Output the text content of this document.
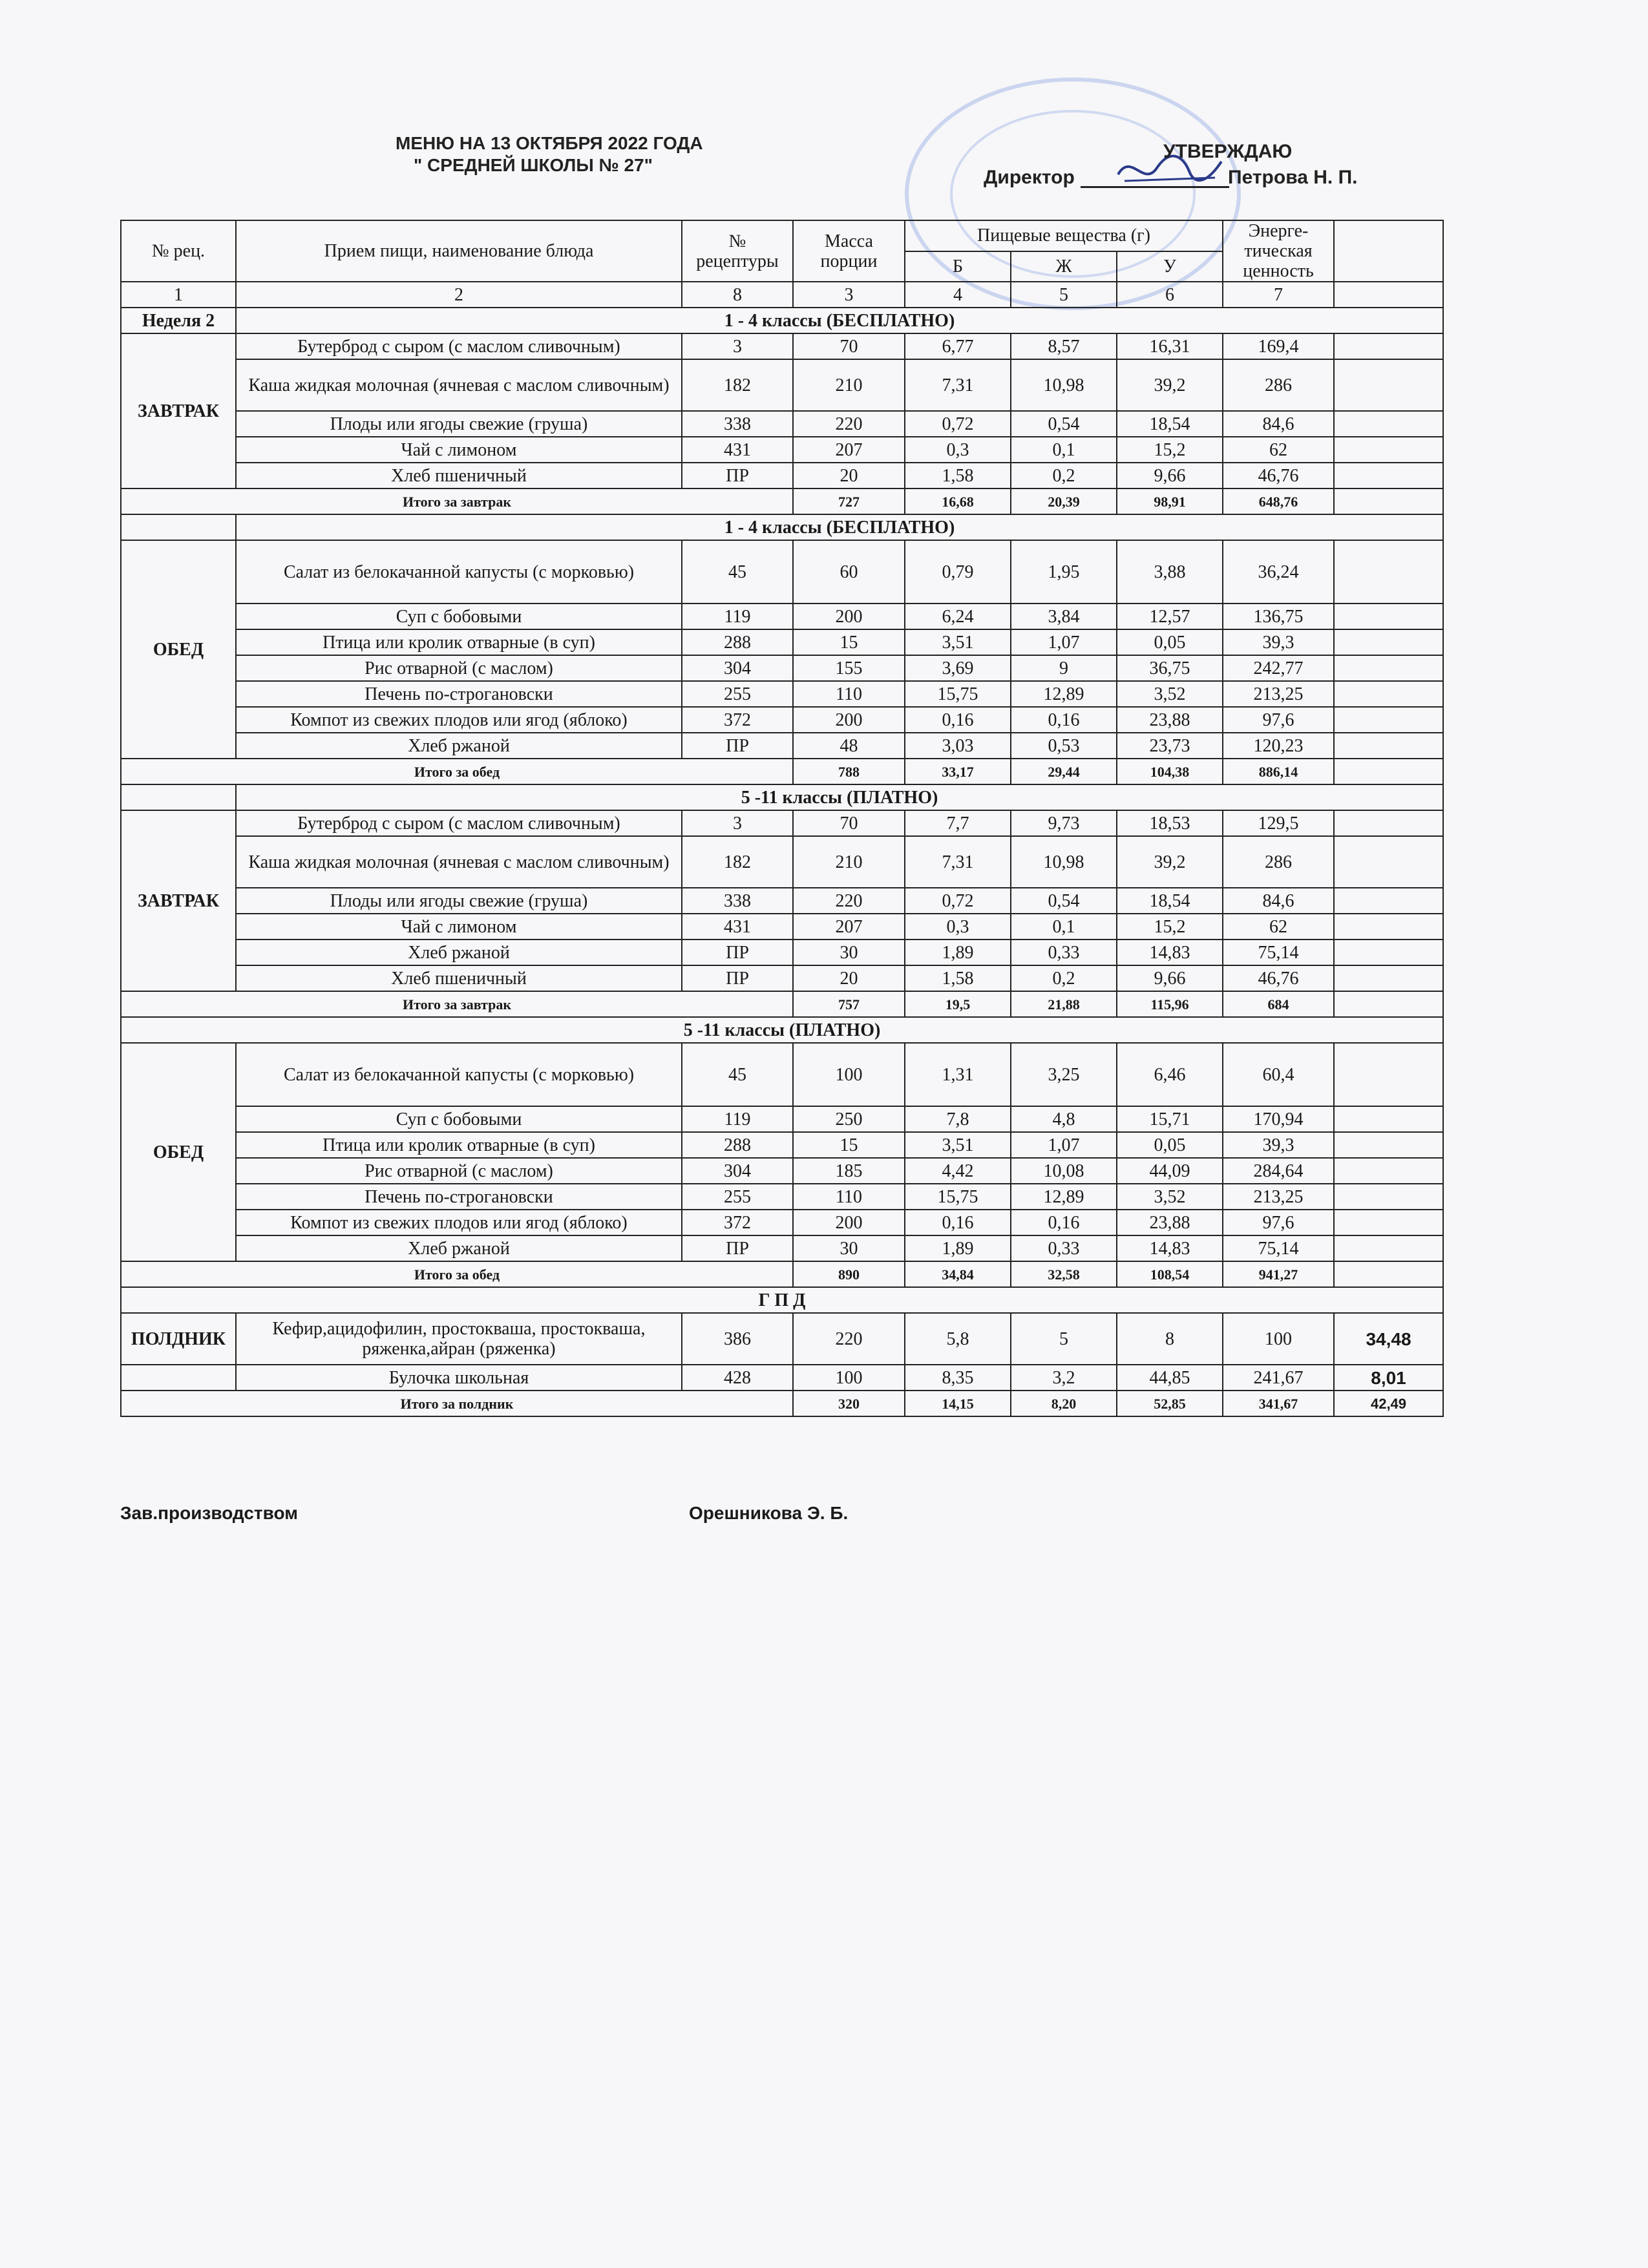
МЕНЮ НА 13 ОКТЯБРЯ 2022 ГОДА
" СРЕДНЕЙ ШКОЛЫ № 27"
УТВЕРЖДАЮ
Директор	Петрова Н. П.
№ рец.	Прием пищи, наименование блюда	№ рецептуры	Масса порции	Пищевые вещества (г)			Энерге-тическая ценность	
				Б	Ж	У		
1	2	8	3	4	5	6	7	
Неделя 2	1 - 4 классы (БЕСПЛАТНО)							
ЗАВТРАК	Бутерброд с сыром (с маслом сливочным)	3	70	6,77	8,57	16,31	169,4	
	Каша жидкая молочная (ячневая с маслом сливочным)	182	210	7,31	10,98	39,2	286	
	Плоды или ягоды свежие (груша)	338	220	0,72	0,54	18,54	84,6	
	Чай с лимоном	431	207	0,3	0,1	15,2	62	
	Хлеб пшеничный	ПР	20	1,58	0,2	9,66	46,76	
Итого за завтрак			727	16,68	20,39	98,91	648,76	
	1 - 4 классы (БЕСПЛАТНО)							
ОБЕД	Салат из белокачанной капусты (с морковью)	45	60	0,79	1,95	3,88	36,24	
	Суп с бобовыми	119	200	6,24	3,84	12,57	136,75	
	Птица или кролик отварные (в суп)	288	15	3,51	1,07	0,05	39,3	
	Рис отварной (с маслом)	304	155	3,69	9	36,75	242,77	
	Печень по-строгановски	255	110	15,75	12,89	3,52	213,25	
	Компот из свежих плодов или ягод (яблоко)	372	200	0,16	0,16	23,88	97,6	
	Хлеб ржаной	ПР	48	3,03	0,53	23,73	120,23	
Итого за обед			788	33,17	29,44	104,38	886,14	
	5 -11 классы (ПЛАТНО)							
ЗАВТРАК	Бутерброд с сыром (с маслом сливочным)	3	70	7,7	9,73	18,53	129,5	
	Каша жидкая молочная (ячневая с маслом сливочным)	182	210	7,31	10,98	39,2	286	
	Плоды или ягоды свежие (груша)	338	220	0,72	0,54	18,54	84,6	
	Чай с лимоном	431	207	0,3	0,1	15,2	62	
	Хлеб ржаной	ПР	30	1,89	0,33	14,83	75,14	
	Хлеб пшеничный	ПР	20	1,58	0,2	9,66	46,76	
Итого за завтрак			757	19,5	21,88	115,96	684	
5 -11 классы (ПЛАТНО)								
ОБЕД	Салат из белокачанной капусты (с морковью)	45	100	1,31	3,25	6,46	60,4	
	Суп с бобовыми	119	250	7,8	4,8	15,71	170,94	
	Птица или кролик отварные (в суп)	288	15	3,51	1,07	0,05	39,3	
	Рис отварной (с маслом)	304	185	4,42	10,08	44,09	284,64	
	Печень по-строгановски	255	110	15,75	12,89	3,52	213,25	
	Компот из свежих плодов или ягод (яблоко)	372	200	0,16	0,16	23,88	97,6	
	Хлеб ржаной	ПР	30	1,89	0,33	14,83	75,14	
Итого за обед			890	34,84	32,58	108,54	941,27	
Г П Д								
ПОЛДНИК	Кефир,ацидофилин, простокваша, простокваша, ряженка,айран (ряженка)	386	220	5,8	5	8	100	34,48
	Булочка школьная	428	100	8,35	3,2	44,85	241,67	8,01
Итого за полдник			320	14,15	8,20	52,85	341,67	42,49
Зав.производством	Орешникова Э. Б.
